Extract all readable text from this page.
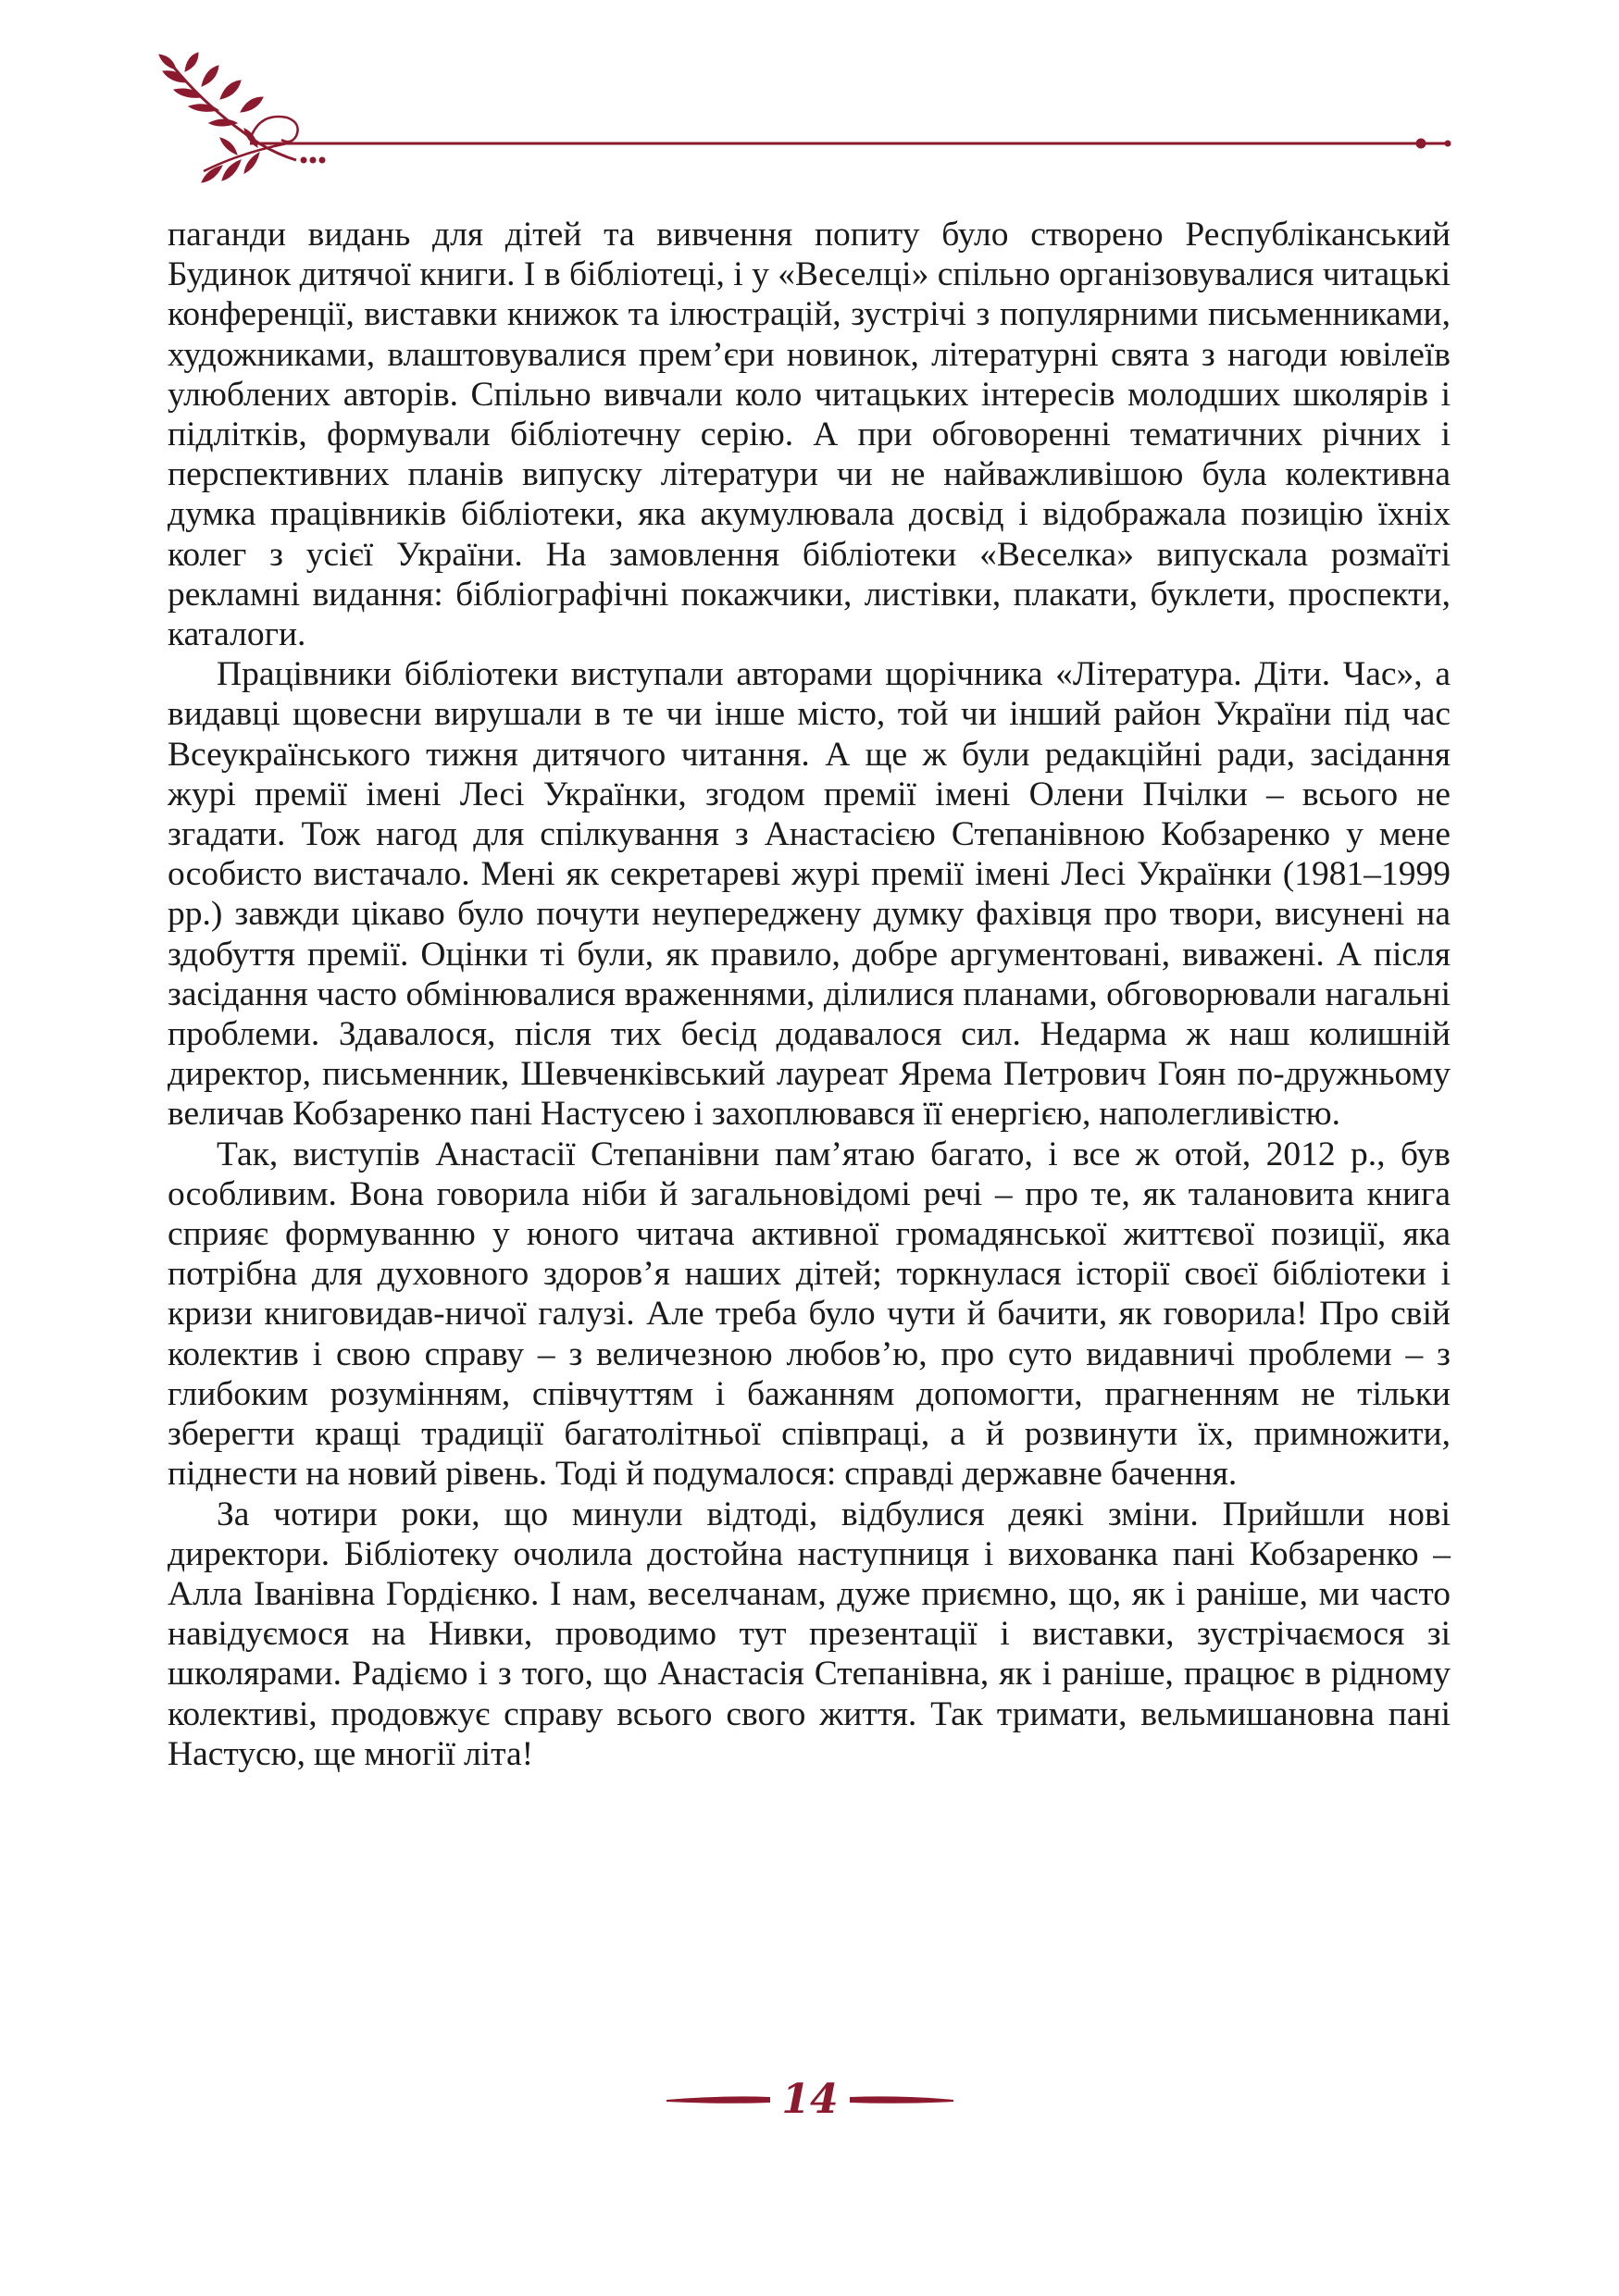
паганди видань для дітей та вивчення попиту було створено Республіканський Будинок дитячої книги. І в бібліотеці, і у «Веселці» спільно організовувалися читацькі конференції, виставки книжок та ілюстрацій, зустрічі з популярними письменниками, художниками, влаштовувалися прем’єри новинок, літературні свята з нагоди ювілеїв улюблених авторів. Спільно вивчали коло читацьких інтересів молодших школярів і підлітків, формували бібліотечну серію. А при обговоренні тематичних річних і перспективних планів випуску літератури чи не найважливішою була колективна думка працівників бібліотеки, яка акумулювала досвід і відображала позицію їхніх колег з усієї України. На замовлення бібліотеки «Веселка» випускала розмаїті рекламні видання: бібліографічні покажчики, листівки, плакати, буклети, проспекти, каталоги.

Працівники бібліотеки виступали авторами щорічника «Література. Діти. Час», а видавці щовесни вирушали в те чи інше місто, той чи інший район України під час Всеукраїнського тижня дитячого читання. А ще ж були редакційні ради, засідання журі премії імені Лесі Українки, згодом премії імені Олени Пчілки – всього не згадати. Тож нагод для спілкування з Анастасією Степанівною Кобзаренко у мене особисто вистачало. Мені як секретареві журі премії імені Лесі Українки (1981–1999 рр.) завжди цікаво було почути неупереджену думку фахівця про твори, висунені на здобуття премії. Оцінки ті були, як правило, добре аргументовані, виважені. А після засідання часто обмінювалися враженнями, ділилися планами, обговорювали нагальні проблеми. Здавалося, після тих бесід додавалося сил. Недарма ж наш колишній директор, письменник, Шевченківський лауреат Ярема Петрович Гоян по-дружньому величав Кобзаренко пані Настусею і захоплювався її енергією, наполегливістю.

Так, виступів Анастасії Степанівни пам’ятаю багато, і все ж отой, 2012 р., був особливим. Вона говорила ніби й загальновідомі речі – про те, як талановита книга сприяє формуванню у юного читача активної громадянської життєвої позиції, яка потрібна для духовного здоров’я наших дітей; торкнулася історії своєї бібліотеки і кризи книговидав-ничої галузі. Але треба було чути й бачити, як говорила! Про свій колектив і свою справу – з величезною любов’ю, про суто видавничі проблеми – з глибоким розумінням, співчуттям і бажанням допомогти, прагненням не тільки зберегти кращі традиції багатолітньої співпраці, а й розвинути їх, примножити, піднести на новий рівень. Тоді й подумалося: справді державне бачення.

За чотири роки, що минули відтоді, відбулися деякі зміни. Прийшли нові директори. Бібліотеку очолила достойна наступниця і вихованка пані Кобзаренко – Алла Іванівна Гордієнко. І нам, веселчанам, дуже приємно, що, як і раніше, ми часто навідуємося на Нивки, проводимо тут презентації і виставки, зустрічаємося зі школярами. Радіємо і з того, що Анастасія Степанівна, як і раніше, працює в рідному колективі, продовжує справу всього свого життя. Так тримати, вельмишановна пані Настусю, ще многії літа!

14
